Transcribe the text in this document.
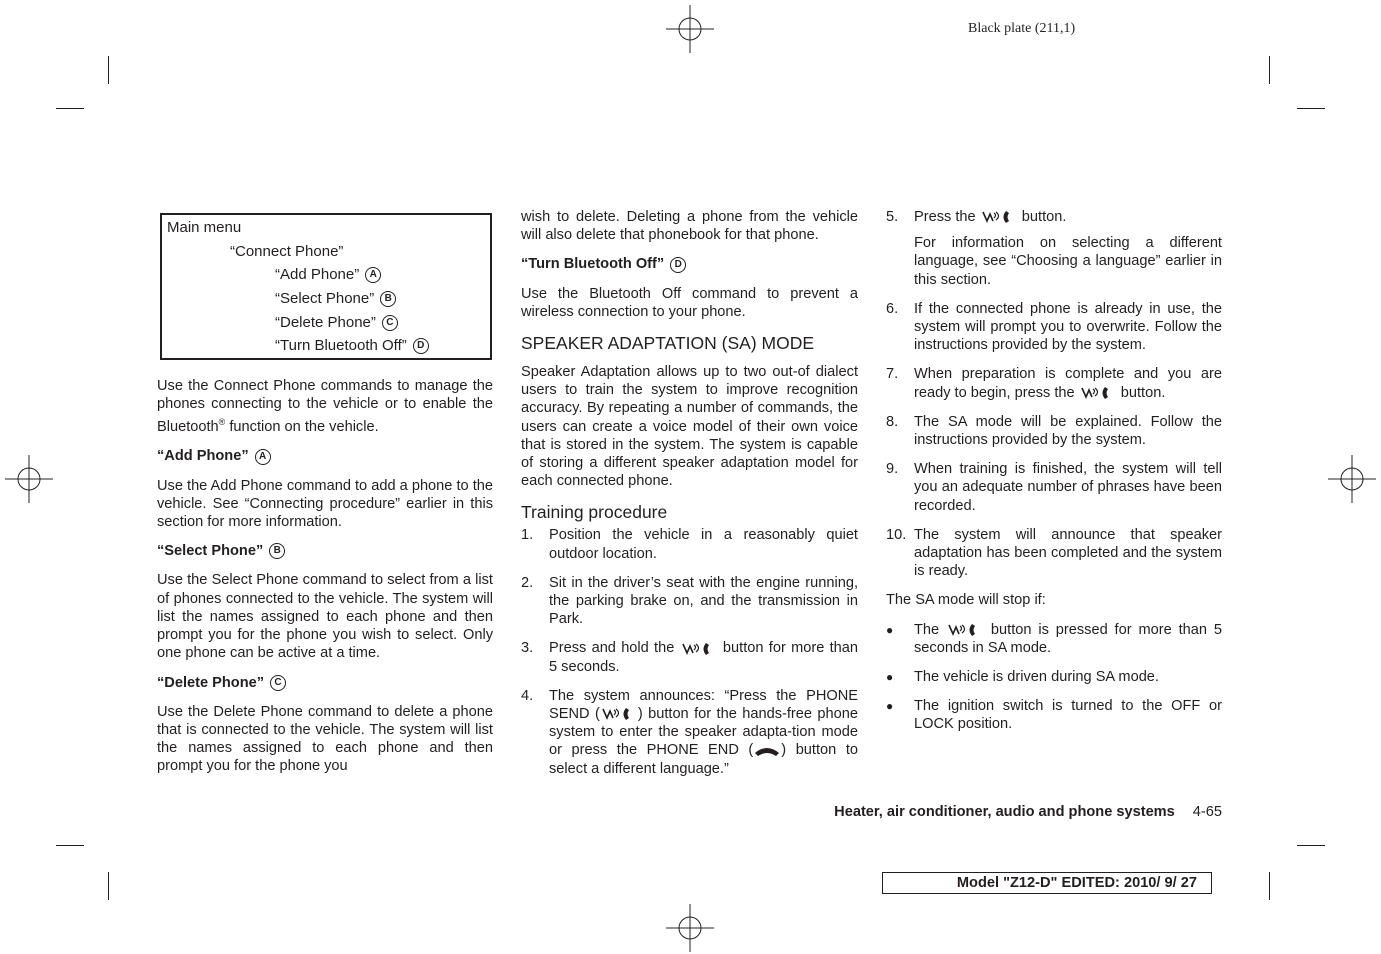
Black plate (211,1)
Main menu
“Connect Phone”
“Add Phone”	A
“Select Phone”	B
“Delete Phone”	C
“Turn Bluetooth Off”	D

Use the Connect Phone commands to manage the phones connecting to the vehicle or to enable the Bluetooth® function on the vehicle.

“Add Phone”	A

Use the Add Phone command to add a phone to the vehicle. See “Connecting procedure” earlier in this section for more information.

“Select Phone”	B

Use the Select Phone command to select from a list of phones connected to the vehicle. The system will list the names assigned to each phone and then prompt you for the phone you wish to select. Only one phone can be active at a time.

“Delete Phone”	C

Use the Delete Phone command to delete a phone that is connected to the vehicle. The system will list the names assigned to each phone and then prompt you for the phone you

wish to delete. Deleting a phone from the vehicle will also delete that phonebook for that phone.

“Turn Bluetooth Off”	D

Use the Bluetooth Off command to prevent a wireless connection to your phone.

SPEAKER ADAPTATION (SA) MODE

Speaker Adaptation allows up to two out-of dialect users to train the system to improve recognition accuracy. By repeating a number of commands, the users can create a voice model of their own voice that is stored in the system. The system is capable of storing a different speaker adaptation model for each connected phone.

Training procedure
1.	Position the vehicle in a reasonably quiet outdoor location.
2.	Sit in the driver’s seat with the engine running, the parking brake on, and the transmission in Park.
3.	Press and hold the	button for more than 5 seconds.
4.	The system announces: “Press the PHONE SEND (	) button for the hands-free phone system to enter the speaker adapta-tion mode or press the PHONE END ( ) button to select a different language.”
5.	Press the	button.
For information on selecting a different language, see “Choosing a language” earlier in this section.
6.	If the connected phone is already in use, the system will prompt you to overwrite. Follow the instructions provided by the system.
7.	When preparation is complete and you are ready to begin, press the	button.
8.	The SA mode will be explained. Follow the instructions provided by the system.
9.	When training is finished, the system will tell you an adequate number of phrases have been recorded.
10. The system will announce that speaker adaptation has been completed and the system is ready.

The SA mode will stop if:

●	The	button is pressed for more than 5 seconds in SA mode.
●	The vehicle is driven during SA mode.
●	The ignition switch is turned to the OFF or LOCK position.
Heater, air conditioner, audio and phone systems 4-65
Model "Z12-D" EDITED: 2010/ 9/ 27
